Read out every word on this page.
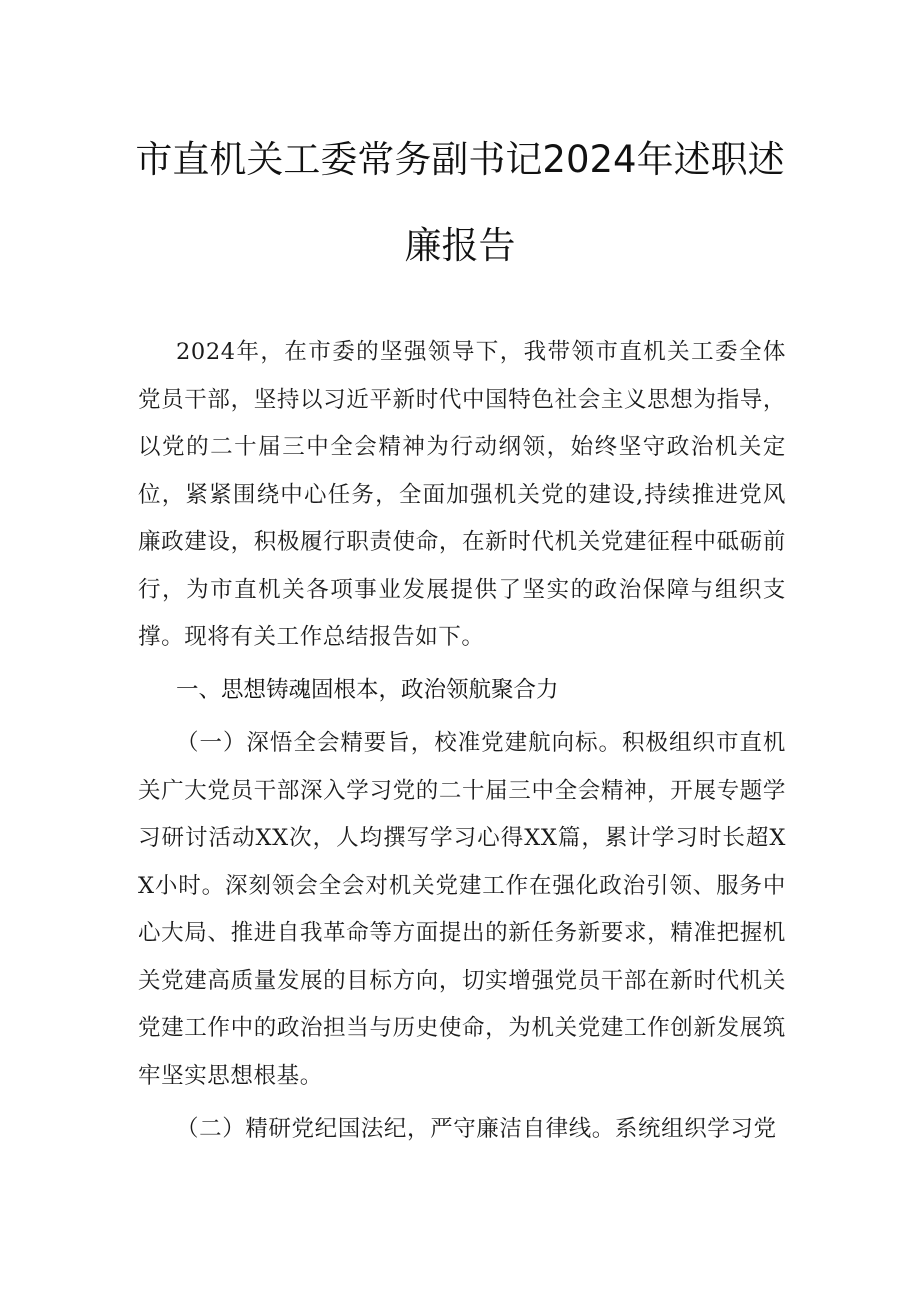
市直机关工委常务副书记2024年述职述
廉报告
2024年，在市委的坚强领导下，我带领市直机关工委全体党员干部，坚持以习近平新时代中国特色社会主义思想为指导，以党的二十届三中全会精神为行动纲领，始终坚守政治机关定位，紧紧围绕中心任务，全面加强机关党的建设,持续推进党风廉政建设，积极履行职责使命，在新时代机关党建征程中砥砺前行，为市直机关各项事业发展提供了坚实的政治保障与组织支撑。现将有关工作总结报告如下。
一、思想铸魂固根本，政治领航聚合力
（一）深悟全会精要旨，校准党建航向标。积极组织市直机关广大党员干部深入学习党的二十届三中全会精神，开展专题学习研讨活动XX次，人均撰写学习心得XX篇，累计学习时长超XX小时。深刻领会全会对机关党建工作在强化政治引领、服务中心大局、推进自我革命等方面提出的新任务新要求，精准把握机关党建高质量发展的目标方向，切实增强党员干部在新时代机关党建工作中的政治担当与历史使命，为机关党建工作创新发展筑牢坚实思想根基。
（二）精研党纪国法纪，严守廉洁自律线。系统组织学习党
